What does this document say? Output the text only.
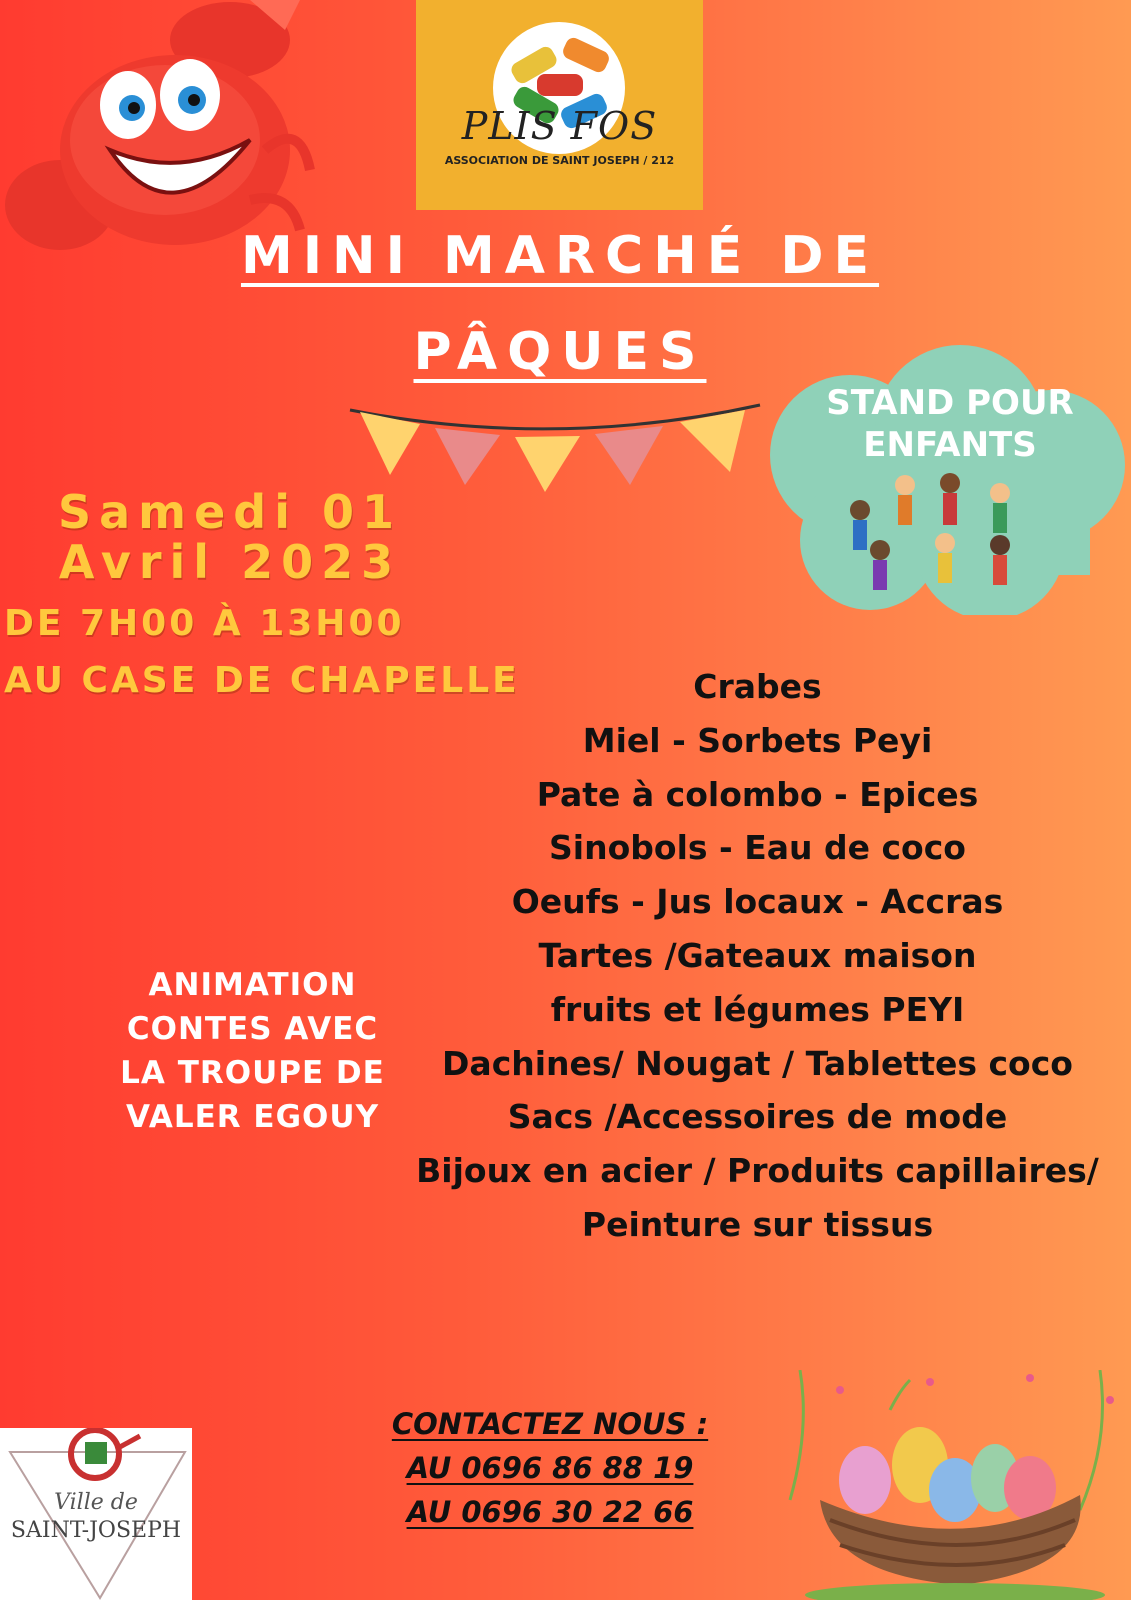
PLIS FOS
ASSOCIATION DE SAINT JOSEPH / 212
MINI MARCHÉ DE
PÂQUES
Samedi 01
Avril 2023
DE 7H00 À 13H00
AU CASE DE CHAPELLE
STAND POUR ENFANTS
Crabes
Miel - Sorbets Peyi
Pate à colombo - Epices
Sinobols - Eau de coco
Oeufs - Jus locaux - Accras
Tartes /Gateaux maison
fruits et légumes PEYI
Dachines/ Nougat / Tablettes coco
Sacs /Accessoires de mode
Bijoux en acier / Produits capillaires/
Peinture sur tissus
ANIMATION
CONTES AVEC
LA TROUPE DE
VALER EGOUY
CONTACTEZ NOUS :
AU 0696 86 88 19
AU 0696 30 22 66
Ville de
SAINT-JOSEPH
